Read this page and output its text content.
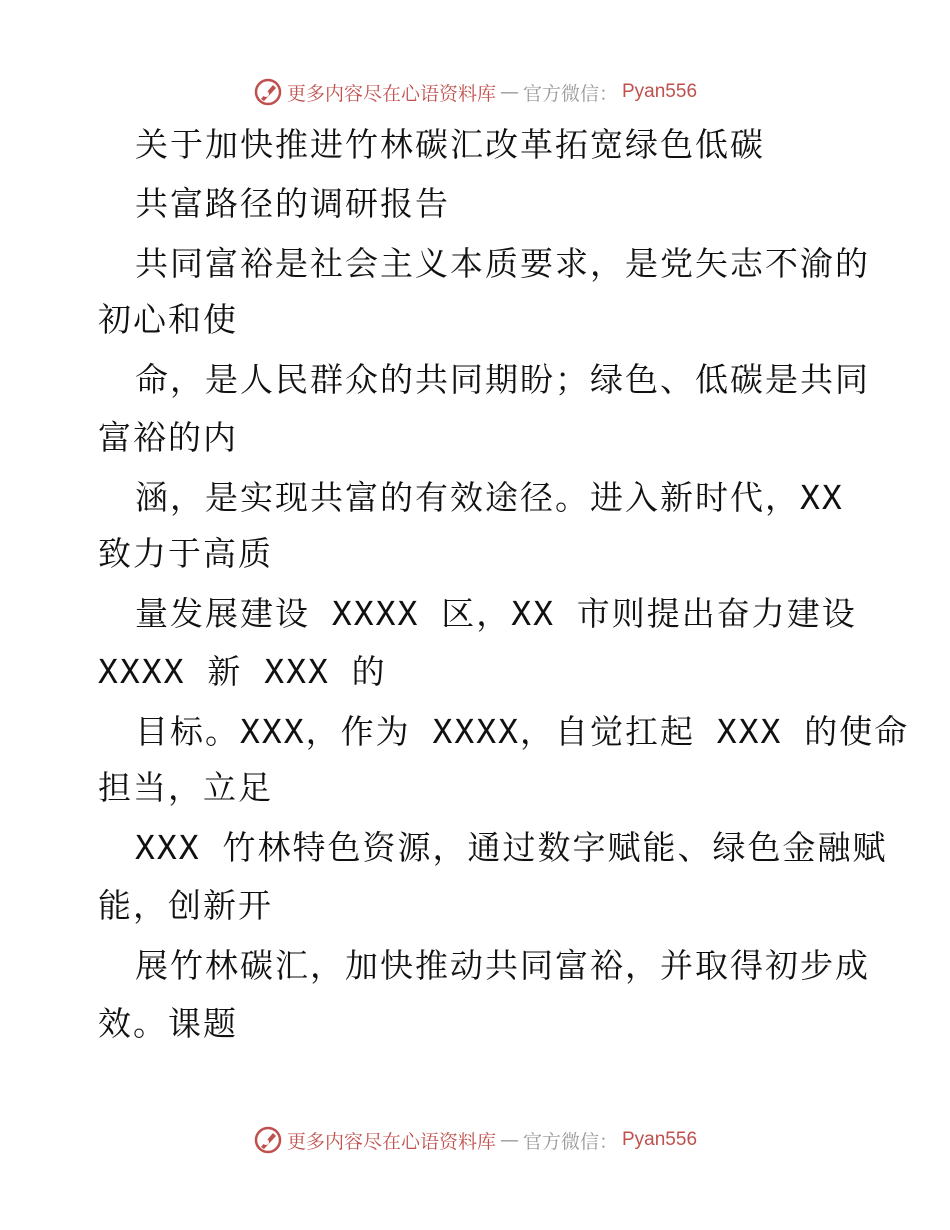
更多内容尽在心语资料库 — 官方微信： Pyan556
关于加快推进竹林碳汇改革拓宽绿色低碳
共富路径的调研报告
共同富裕是社会主义本质要求，是党矢志不渝的
初心和使
命，是人民群众的共同期盼；绿色、低碳是共同
富裕的内
涵，是实现共富的有效途径。进入新时代，XX
致力于高质
量发展建设 XXXX 区，XX 市则提出奋力建设
XXXX 新 XXX 的
目标。XXX，作为 XXXX，自觉扛起 XXX 的使命
担当，立足
XXX 竹林特色资源，通过数字赋能、绿色金融赋
能，创新开
展竹林碳汇，加快推动共同富裕，并取得初步成
效。课题
更多内容尽在心语资料库 — 官方微信： Pyan556
